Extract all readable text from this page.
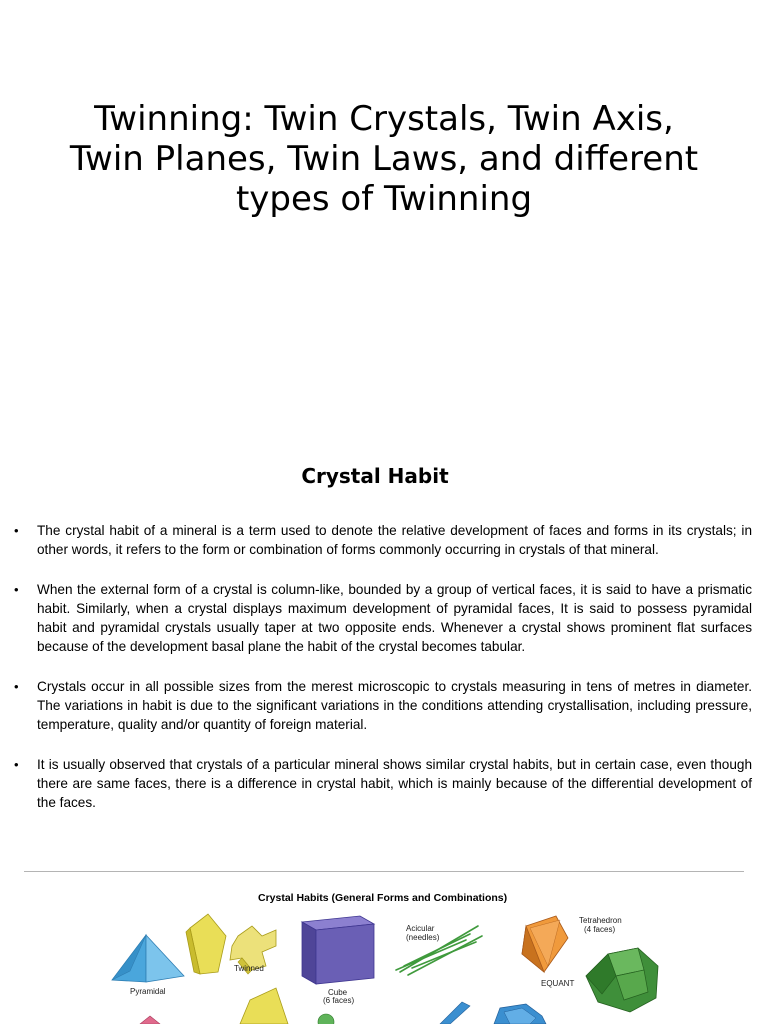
Twinning: Twin Crystals, Twin Axis, Twin Planes, Twin Laws, and different types of Twinning
Crystal Habit
• The crystal habit of a mineral is a term used to denote the relative development of faces and forms in its crystals; in other words, it refers to the form or combination of forms commonly occurring in crystals of that mineral.
• When the external form of a crystal is column-like, bounded by a group of vertical faces, it is said to have a prismatic habit. Similarly, when a crystal displays maximum development of pyramidal faces, It is said to possess pyramidal habit and pyramidal crystals usually taper at two opposite ends. Whenever a crystal shows prominent flat surfaces because of the development basal plane the habit of the crystal becomes tabular.
• Crystals occur in all possible sizes from the merest microscopic to crystals measuring in tens of metres in diameter. The variations in habit is due to the significant variations in the conditions attending crystallisation, including pressure, temperature, quality and/or quantity of foreign material.
• It is usually observed that crystals of a particular mineral shows similar crystal habits, but in certain case, even though there are same faces, there is a difference in crystal habit, which is mainly because of the differential development of the faces.
Crystal Habits (General Forms and Combinations)
Pyramidal
Twinned
Cube
(6 faces)
Acicular
(needles)
Tetrahedron
(4 faces)
EQUANT
